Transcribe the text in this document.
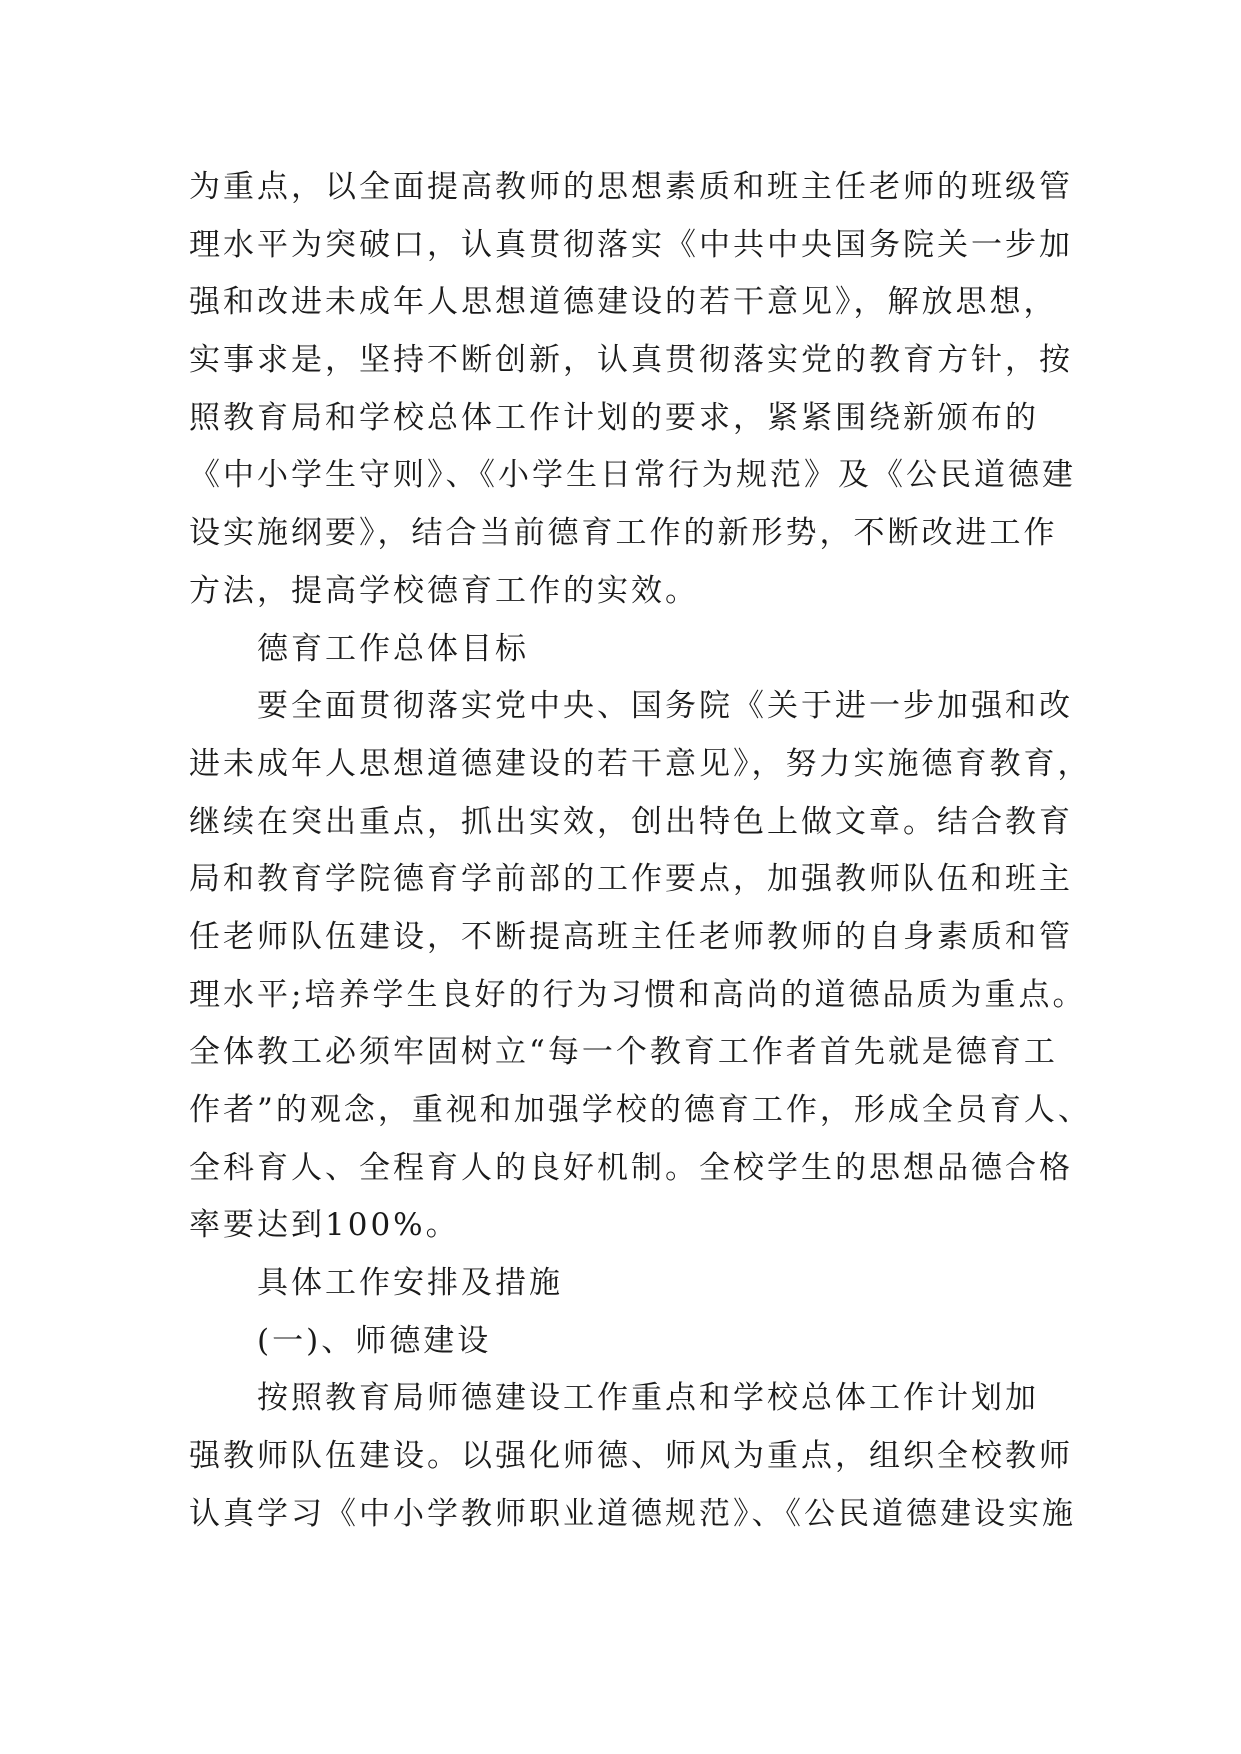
为重点，以全面提高教师的思想素质和班主任老师的班级管
理水平为突破口，认真贯彻落实《中共中央国务院关一步加
强和改进未成年人思想道德建设的若干意见》，解放思想，
实事求是，坚持不断创新，认真贯彻落实党的教育方针，按
照教育局和学校总体工作计划的要求，紧紧围绕新颁布的
《中小学生守则》、《小学生日常行为规范》及《公民道德建
设实施纲要》，结合当前德育工作的新形势，不断改进工作
方法，提高学校德育工作的实效。
德育工作总体目标
要全面贯彻落实党中央、国务院《关于进一步加强和改
进未成年人思想道德建设的若干意见》，努力实施德育教育，
继续在突出重点，抓出实效，创出特色上做文章。结合教育
局和教育学院德育学前部的工作要点，加强教师队伍和班主
任老师队伍建设，不断提高班主任老师教师的自身素质和管
理水平;培养学生良好的行为习惯和高尚的道德品质为重点。
全体教工必须牢固树立“每一个教育工作者首先就是德育工
作者”的观念，重视和加强学校的德育工作，形成全员育人、
全科育人、全程育人的良好机制。全校学生的思想品德合格
率要达到100%。
具体工作安排及措施
(一)、师德建设
按照教育局师德建设工作重点和学校总体工作计划加
强教师队伍建设。以强化师德、师风为重点，组织全校教师
认真学习《中小学教师职业道德规范》、《公民道德建设实施
